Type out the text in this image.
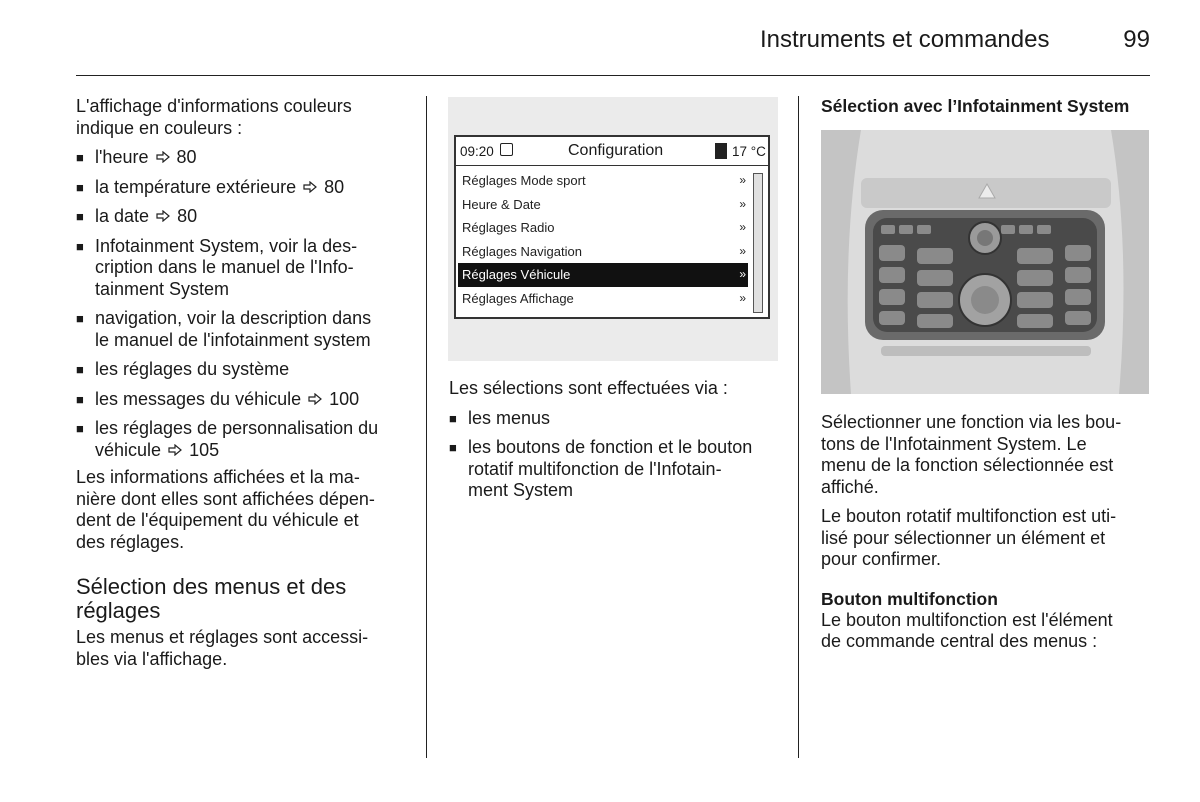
Instruments et commandes	99

L'affichage d'informations couleurs indique en couleurs :

■ l'heure 80
■ la température extérieure 80
■ la date 80
■ Infotainment System, voir la des-
cription dans le manuel de l'Info-
tainment System
■ navigation, voir la description dans
le manuel de l'infotainment system
■ les réglages du système
■ les messages du véhicule 100
■ les réglages de personnalisation du
véhicule 105

Les informations affichées et la ma-
nière dont elles sont affichées dépen-
dent de l'équipement du véhicule et
des réglages.

Sélection des menus et des
réglages

Les menus et réglages sont accessi-
bles via l'affichage.

09:20	Configuration	17 °C
Réglages Mode sport	»
Heure & Date	»
Réglages Radio	»
Réglages Navigation	»
Réglages Véhicule	»
Réglages Affichage	»

Les sélections sont effectuées via :

■ les menus
■ les boutons de fonction et le bouton
rotatif multifonction de l'Infotain-
ment System
Sélection avec l’Infotainment System

Sélectionner une fonction via les bou-
tons de l'Infotainment System. Le
menu de la fonction sélectionnée est
affiché.

Le bouton rotatif multifonction est uti-
lisé pour sélectionner un élément et
pour confirmer.

Bouton multifonction

Le bouton multifonction est l'élément
de commande central des menus :
